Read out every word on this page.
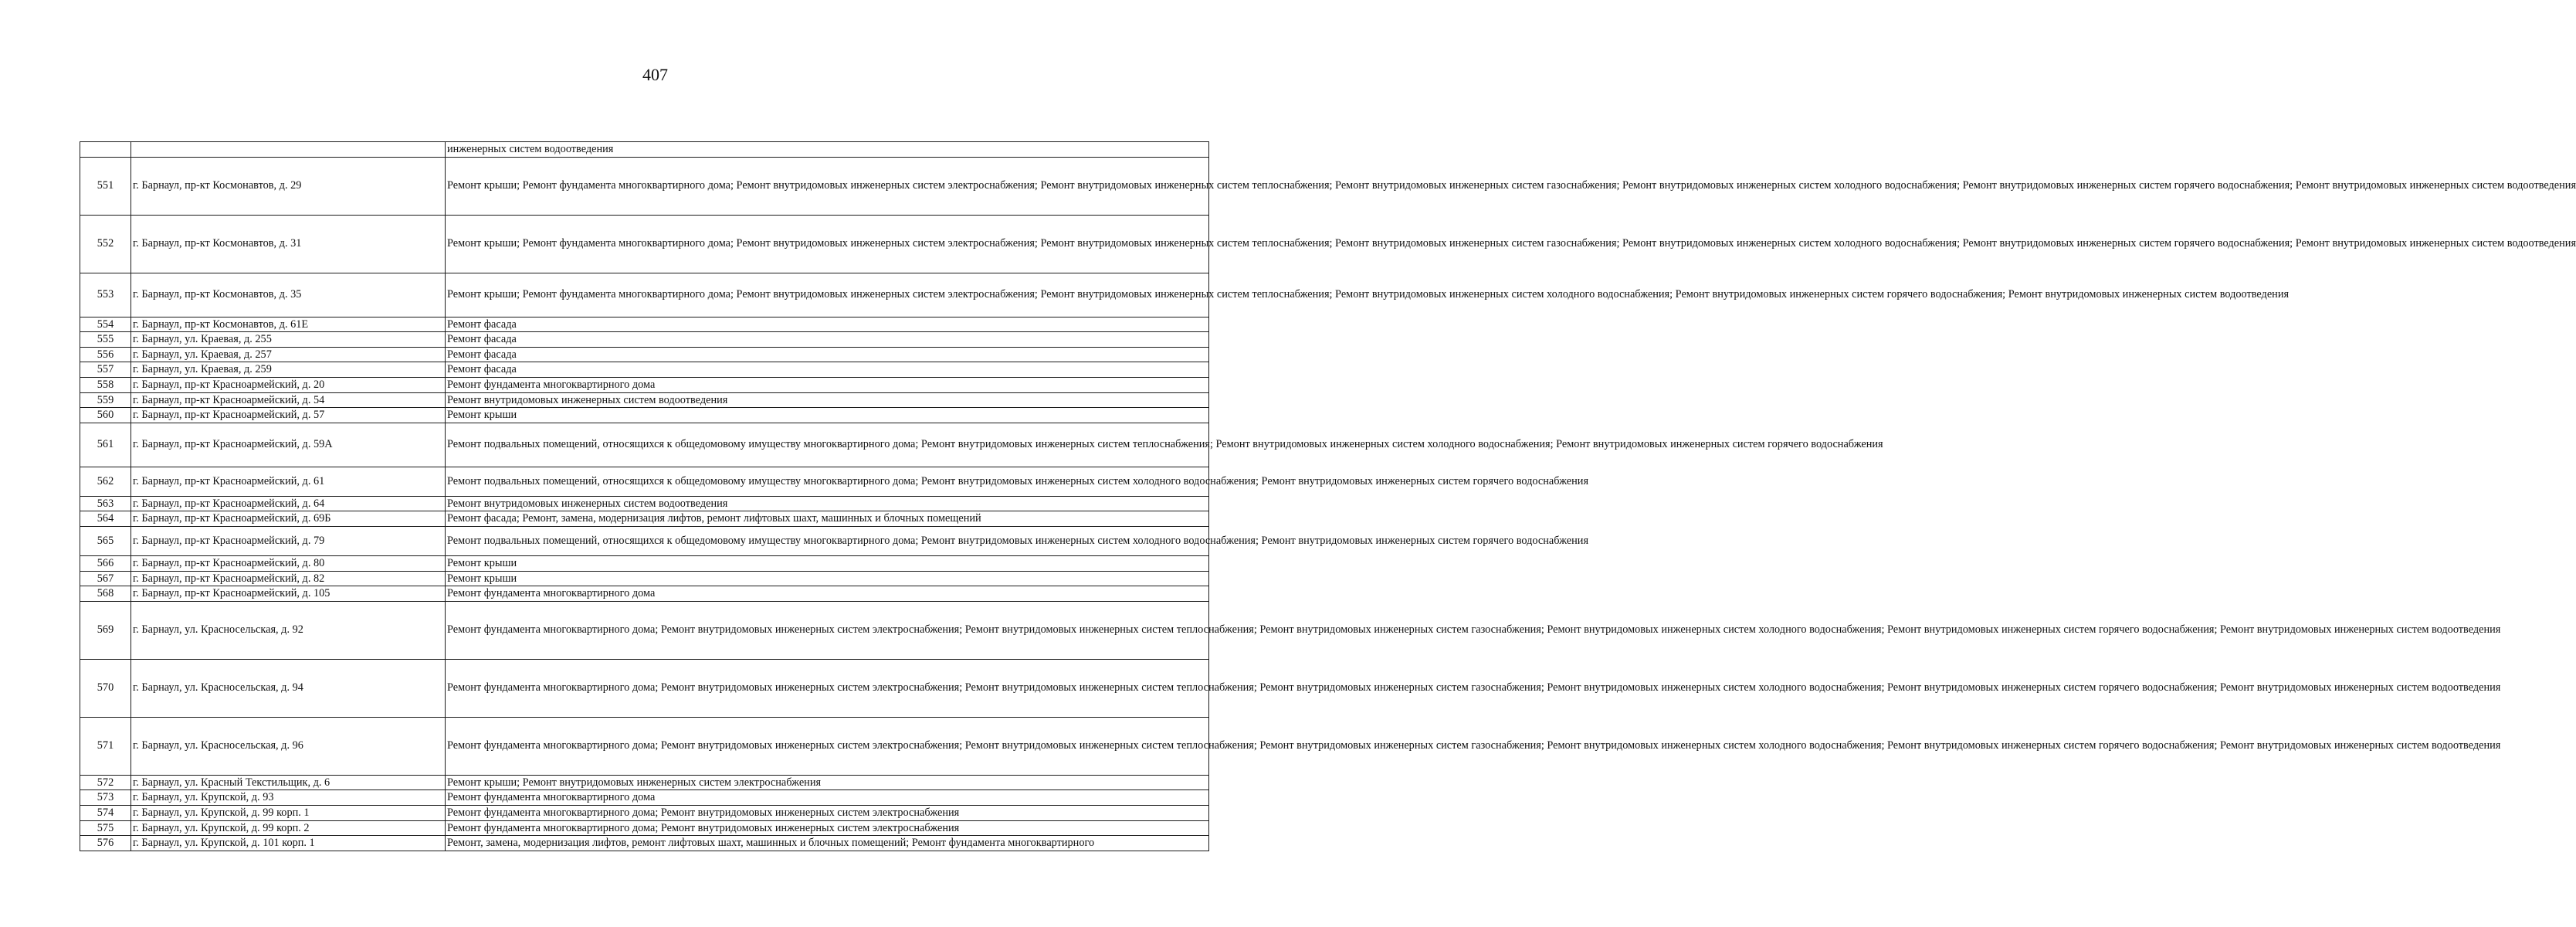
407
		инженерных систем водоотведения
551	г. Барнаул, пр-кт Космонавтов, д. 29	Ремонт крыши; Ремонт фундамента многоквартирного дома; Ремонт внутридомовых инженерных систем электроснабжения; Ремонт внутридомовых инженерных систем теплоснабжения; Ремонт внутридомовых инженерных систем газоснабжения; Ремонт внутридомовых инженерных систем холодного водоснабжения; Ремонт внутридомовых инженерных систем горячего водоснабжения; Ремонт внутридомовых инженерных систем водоотведения
552	г. Барнаул, пр-кт Космонавтов, д. 31	Ремонт крыши; Ремонт фундамента многоквартирного дома; Ремонт внутридомовых инженерных систем электроснабжения; Ремонт внутридомовых инженерных систем теплоснабжения; Ремонт внутридомовых инженерных систем газоснабжения; Ремонт внутридомовых инженерных систем холодного водоснабжения; Ремонт внутридомовых инженерных систем горячего водоснабжения; Ремонт внутридомовых инженерных систем водоотведения
553	г. Барнаул, пр-кт Космонавтов, д. 35	Ремонт крыши; Ремонт фундамента многоквартирного дома; Ремонт внутридомовых инженерных систем электроснабжения; Ремонт внутридомовых инженерных систем теплоснабжения; Ремонт внутридомовых инженерных систем холодного водоснабжения; Ремонт внутридомовых инженерных систем горячего водоснабжения; Ремонт внутридомовых инженерных систем водоотведения
554	г. Барнаул, пр-кт Космонавтов, д. 61Е	Ремонт фасада
555	г. Барнаул, ул. Краевая, д. 255	Ремонт фасада
556	г. Барнаул, ул. Краевая, д. 257	Ремонт фасада
557	г. Барнаул, ул. Краевая, д. 259	Ремонт фасада
558	г. Барнаул, пр-кт Красноармейский, д. 20	Ремонт фундамента многоквартирного дома
559	г. Барнаул, пр-кт Красноармейский, д. 54	Ремонт внутридомовых инженерных систем водоотведения
560	г. Барнаул, пр-кт Красноармейский, д. 57	Ремонт крыши
561	г. Барнаул, пр-кт Красноармейский, д. 59А	Ремонт подвальных помещений, относящихся к общедомовому имуществу многоквартирного дома; Ремонт внутридомовых инженерных систем теплоснабжения; Ремонт внутридомовых инженерных систем холодного водоснабжения; Ремонт внутридомовых инженерных систем горячего водоснабжения
562	г. Барнаул, пр-кт Красноармейский, д. 61	Ремонт подвальных помещений, относящихся к общедомовому имуществу многоквартирного дома; Ремонт внутридомовых инженерных систем холодного водоснабжения; Ремонт внутридомовых инженерных систем горячего водоснабжения
563	г. Барнаул, пр-кт Красноармейский, д. 64	Ремонт внутридомовых инженерных систем водоотведения
564	г. Барнаул, пр-кт Красноармейский, д. 69Б	Ремонт фасада; Ремонт, замена, модернизация лифтов, ремонт лифтовых шахт, машинных и блочных помещений
565	г. Барнаул, пр-кт Красноармейский, д. 79	Ремонт подвальных помещений, относящихся к общедомовому имуществу многоквартирного дома; Ремонт внутридомовых инженерных систем холодного водоснабжения; Ремонт внутридомовых инженерных систем горячего водоснабжения
566	г. Барнаул, пр-кт Красноармейский, д. 80	Ремонт крыши
567	г. Барнаул, пр-кт Красноармейский, д. 82	Ремонт крыши
568	г. Барнаул, пр-кт Красноармейский, д. 105	Ремонт фундамента многоквартирного дома
569	г. Барнаул, ул. Красносельская, д. 92	Ремонт фундамента многоквартирного дома; Ремонт внутридомовых инженерных систем электроснабжения; Ремонт внутридомовых инженерных систем теплоснабжения; Ремонт внутридомовых инженерных систем газоснабжения; Ремонт внутридомовых инженерных систем холодного водоснабжения; Ремонт внутридомовых инженерных систем горячего водоснабжения; Ремонт внутридомовых инженерных систем водоотведения
570	г. Барнаул, ул. Красносельская, д. 94	Ремонт фундамента многоквартирного дома; Ремонт внутридомовых инженерных систем электроснабжения; Ремонт внутридомовых инженерных систем теплоснабжения; Ремонт внутридомовых инженерных систем газоснабжения; Ремонт внутридомовых инженерных систем холодного водоснабжения; Ремонт внутридомовых инженерных систем горячего водоснабжения; Ремонт внутридомовых инженерных систем водоотведения
571	г. Барнаул, ул. Красносельская, д. 96	Ремонт фундамента многоквартирного дома; Ремонт внутридомовых инженерных систем электроснабжения; Ремонт внутридомовых инженерных систем теплоснабжения; Ремонт внутридомовых инженерных систем газоснабжения; Ремонт внутридомовых инженерных систем холодного водоснабжения; Ремонт внутридомовых инженерных систем горячего водоснабжения; Ремонт внутридомовых инженерных систем водоотведения
572	г. Барнаул, ул. Красный Текстильщик, д. 6	Ремонт крыши; Ремонт внутридомовых инженерных систем электроснабжения
573	г. Барнаул, ул. Крупской, д. 93	Ремонт фундамента многоквартирного дома
574	г. Барнаул, ул. Крупской, д. 99 корп. 1	Ремонт фундамента многоквартирного дома; Ремонт внутридомовых инженерных систем электроснабжения
575	г. Барнаул, ул. Крупской, д. 99 корп. 2	Ремонт фундамента многоквартирного дома; Ремонт внутридомовых инженерных систем электроснабжения
576	г. Барнаул, ул. Крупской, д. 101 корп. 1	Ремонт, замена, модернизация лифтов, ремонт лифтовых шахт, машинных и блочных помещений; Ремонт фундамента многоквартирного
